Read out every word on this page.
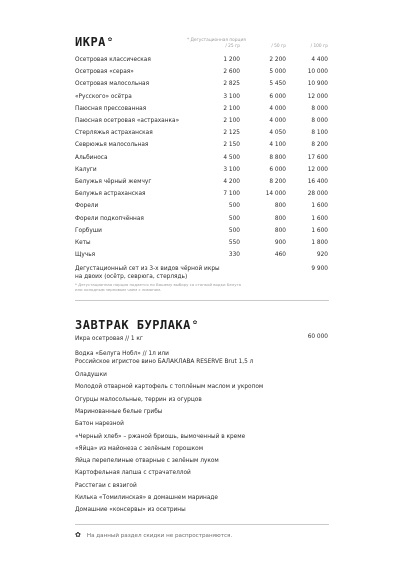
ИКРА ✿	* Дегустационная порция
/ 25 гр	/ 50 гр	/ 100 гр
Осетровая классическая	1 200	2 200	4 400
Осетровая «серая»	2 600	5 000	10 000
Осетровая малосольная	2 825	5 450	10 900
«Русского» осётра	3 100	6 000	12 000
Паюсная прессованная	2 100	4 000	8 000
Паюсная осетровая «астраханка»	2 100	4 000	8 000
Стерляжья астраханская	2 125	4 050	8 100
Севрюжья малосольная	2 150	4 100	8 200
Альбиноса	4 500	8 800	17 600
Калуги	3 100	6 000	12 000
Белужья чёрный жемчуг	4 200	8 200	16 400
Белужья астраханская	7 100	14 000	28 000
Форели	500	800	1 600
Форели подкопчённая	500	800	1 600
Горбуши	500	800	1 600
Кеты	550	900	1 800
Щучья	330	460	920
Дегустационный сет из 3-х видов чёрной икры
на двоих (осётр, севрюга, стерлядь)
9 900
* Дегустационная порция подается по Вашему выбору со стопкой водки Белуга
или холодным зерновым чаем с лимоном.
ЗАВТРАК БУРЛАКА ✿
Икра осетровая // 1 кг	60 000
Водка «Белуга Нобл» // 1л или
Российское игристое вино БАЛАКЛАВА RESERVE Brut 1,5 л
Оладушки
Молодой отварной картофель с топлёным маслом и укропом
Огурцы малосольные, террин из огурцов
Маринованные белые грибы
Батон нарезной
«Черный хлеб» – ржаной бриошь, вымоченный в креме
«Яйца» из майонеза с зелёным горошком
Яйца перепелиные отварные с зелёным луком
Картофельная лапша с страчателлой
Расстегаи с вязигой
Килька «Томилинская» в домашнем маринаде
Домашние «консервы» из осетрины
✿ На данный раздел скидки не распространяются.
